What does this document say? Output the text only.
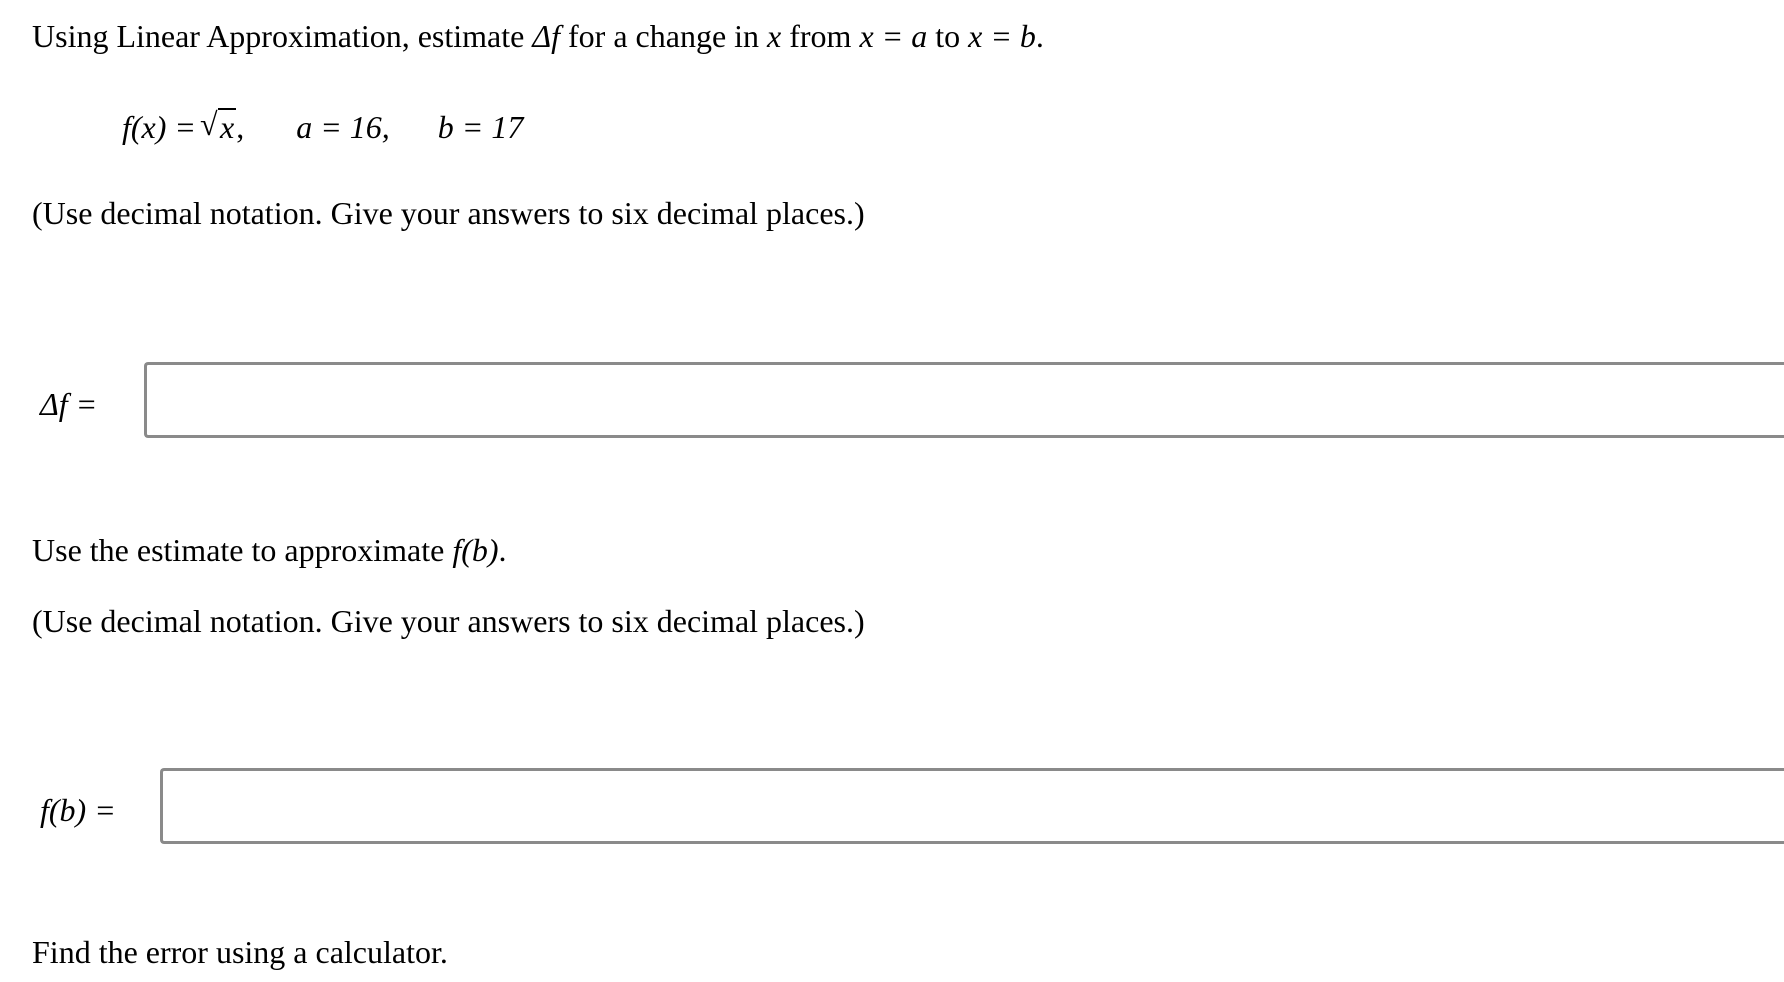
Using Linear Approximation, estimate Δf for a change in x from x = a to x = b.
f(x) = √ x, a = 16, b = 17
(Use decimal notation. Give your answers to six decimal places.)
Δf =
Use the estimate to approximate f(b).
(Use decimal notation. Give your answers to six decimal places.)
f(b) =
Find the error using a calculator.
